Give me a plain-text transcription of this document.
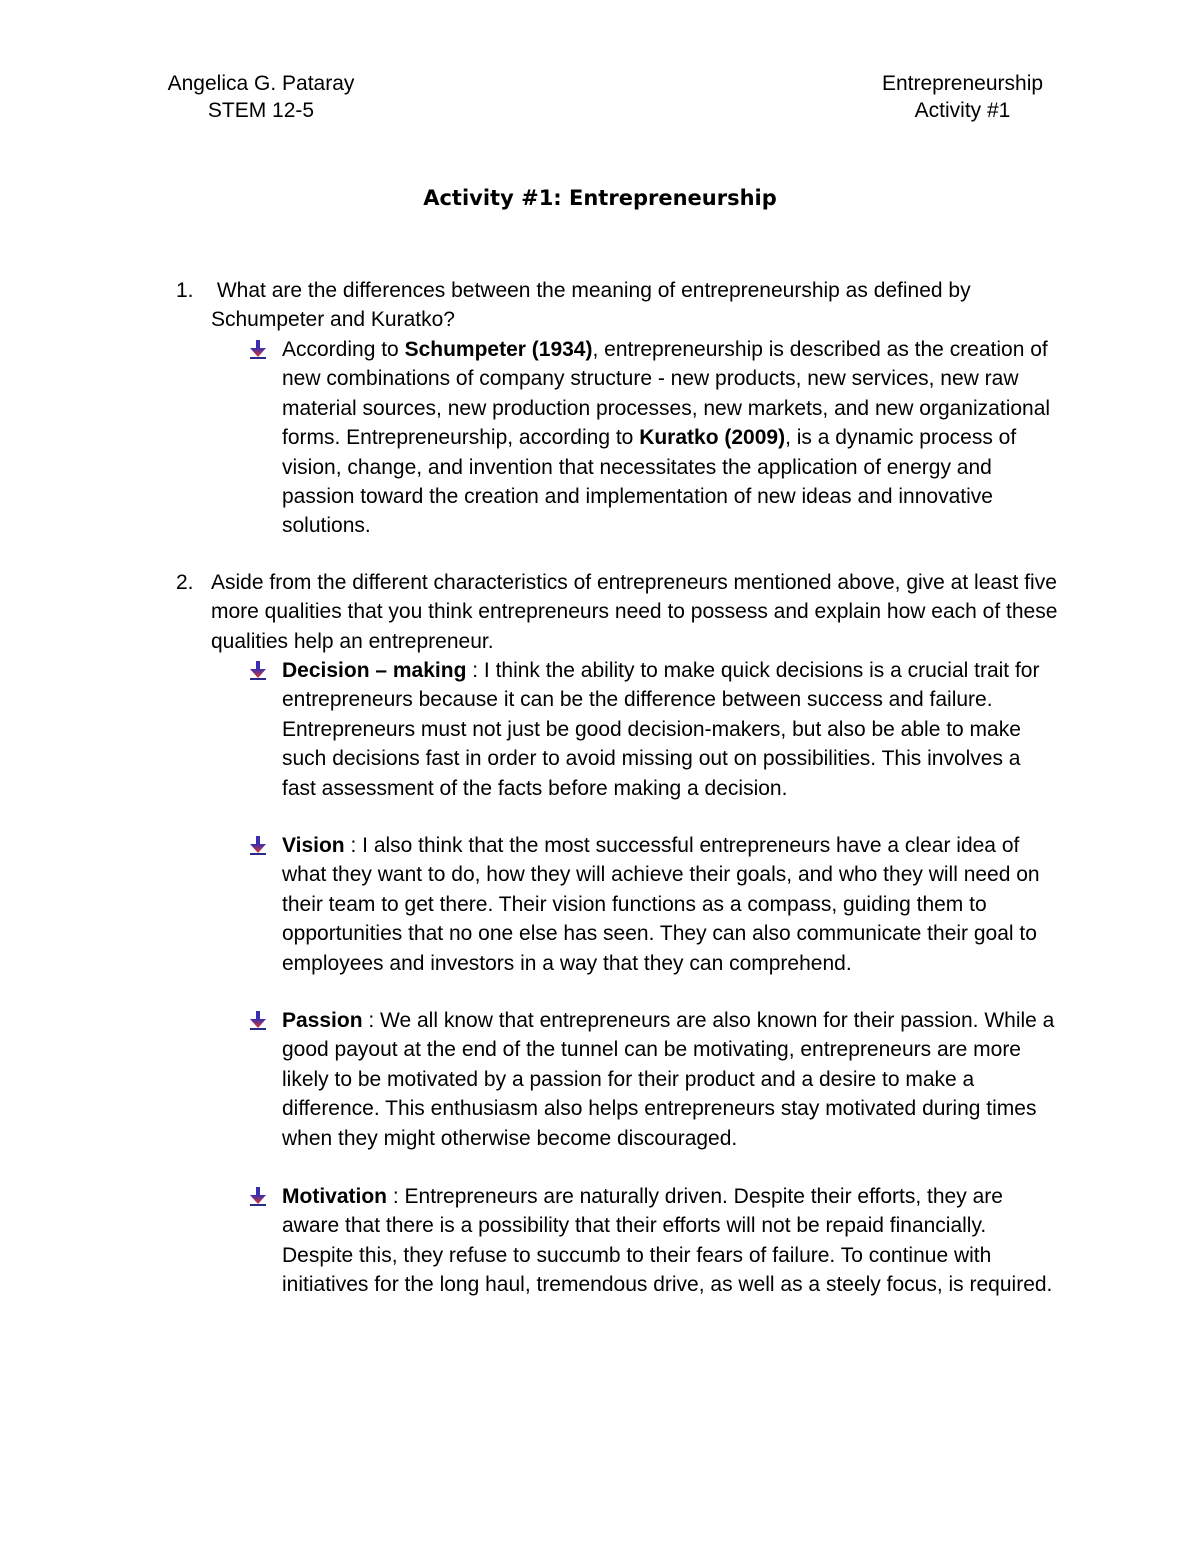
Angelica G. Pataray
STEM 12-5
Entrepreneurship
Activity #1
Activity #1: Entrepreneurship
1. What are the differences between the meaning of entrepreneurship as defined by Schumpeter and Kuratko?
According to Schumpeter (1934), entrepreneurship is described as the creation of new combinations of company structure - new products, new services, new raw material sources, new production processes, new markets, and new organizational forms. Entrepreneurship, according to Kuratko (2009), is a dynamic process of vision, change, and invention that necessitates the application of energy and passion toward the creation and implementation of new ideas and innovative solutions.
2. Aside from the different characteristics of entrepreneurs mentioned above, give at least five more qualities that you think entrepreneurs need to possess and explain how each of these qualities help an entrepreneur.
Decision – making : I think the ability to make quick decisions is a crucial trait for entrepreneurs because it can be the difference between success and failure. Entrepreneurs must not just be good decision-makers, but also be able to make such decisions fast in order to avoid missing out on possibilities. This involves a fast assessment of the facts before making a decision.
Vision : I also think that the most successful entrepreneurs have a clear idea of what they want to do, how they will achieve their goals, and who they will need on their team to get there. Their vision functions as a compass, guiding them to opportunities that no one else has seen. They can also communicate their goal to employees and investors in a way that they can comprehend.
Passion : We all know that entrepreneurs are also known for their passion. While a good payout at the end of the tunnel can be motivating, entrepreneurs are more likely to be motivated by a passion for their product and a desire to make a difference. This enthusiasm also helps entrepreneurs stay motivated during times when they might otherwise become discouraged.
Motivation : Entrepreneurs are naturally driven. Despite their efforts, they are aware that there is a possibility that their efforts will not be repaid financially. Despite this, they refuse to succumb to their fears of failure. To continue with initiatives for the long haul, tremendous drive, as well as a steely focus, is required.
